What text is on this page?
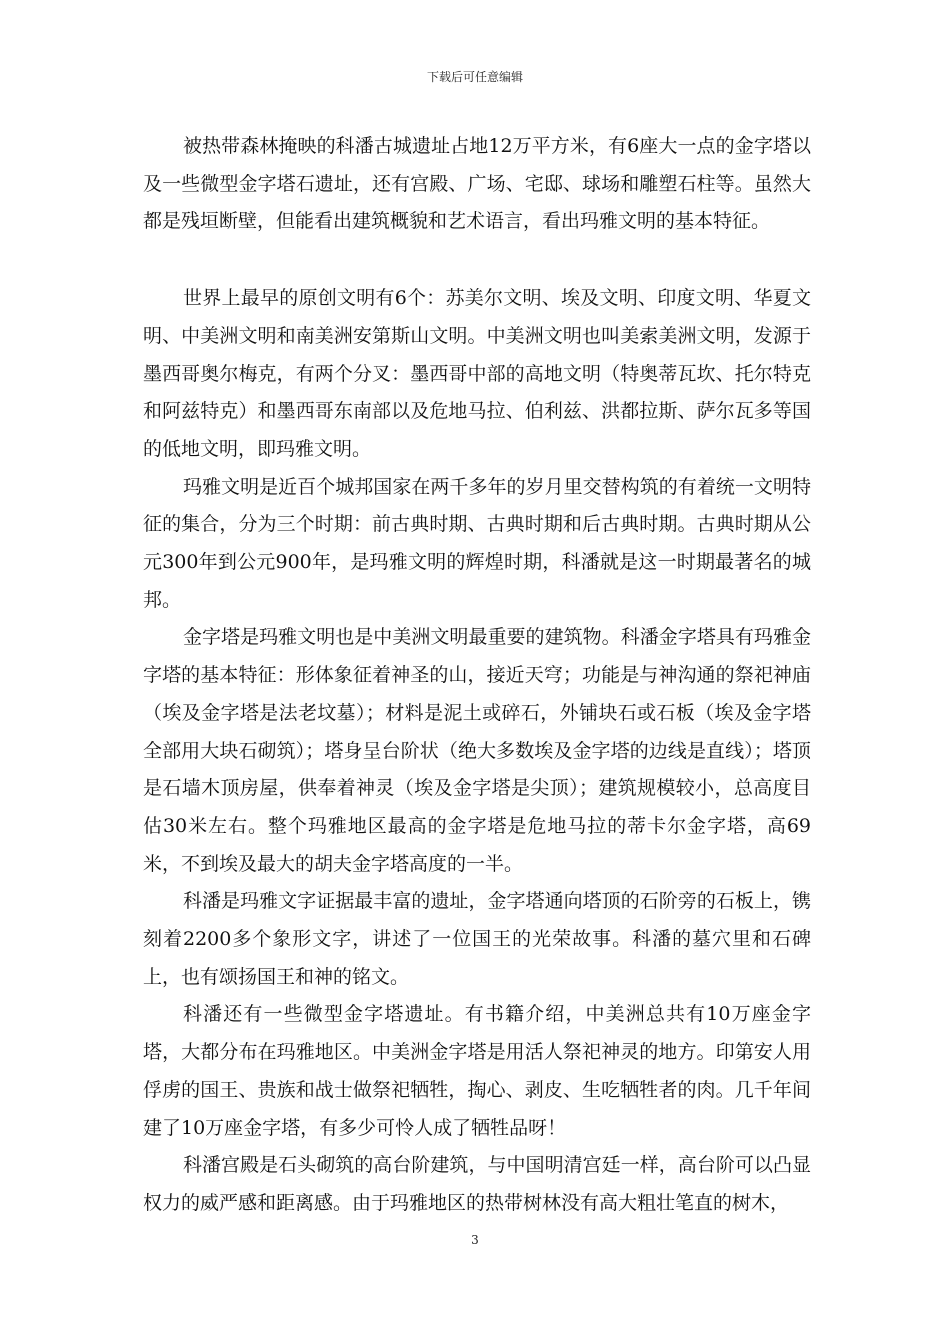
下载后可任意编辑

被热带森林掩映的科潘古城遗址占地12万平方米，有6座大一点的金字塔以及一些微型金字塔石遗址，还有宫殿、广场、宅邸、球场和雕塑石柱等。虽然大都是残垣断壁，但能看出建筑概貌和艺术语言，看出玛雅文明的基本特征。

世界上最早的原创文明有6个：苏美尔文明、埃及文明、印度文明、华夏文明、中美洲文明和南美洲安第斯山文明。中美洲文明也叫美索美洲文明，发源于墨西哥奥尔梅克，有两个分叉：墨西哥中部的高地文明（特奥蒂瓦坎、托尔特克和阿兹特克）和墨西哥东南部以及危地马拉、伯利兹、洪都拉斯、萨尔瓦多等国的低地文明，即玛雅文明。

玛雅文明是近百个城邦国家在两千多年的岁月里交替构筑的有着统一文明特征的集合，分为三个时期：前古典时期、古典时期和后古典时期。古典时期从公元300年到公元900年，是玛雅文明的辉煌时期，科潘就是这一时期最著名的城邦。

金字塔是玛雅文明也是中美洲文明最重要的建筑物。科潘金字塔具有玛雅金字塔的基本特征：形体象征着神圣的山，接近天穹；功能是与神沟通的祭祀神庙（埃及金字塔是法老坟墓）；材料是泥土或碎石，外铺块石或石板（埃及金字塔全部用大块石砌筑）；塔身呈台阶状（绝大多数埃及金字塔的边线是直线）；塔顶是石墙木顶房屋，供奉着神灵（埃及金字塔是尖顶）；建筑规模较小，总高度目估30米左右。整个玛雅地区最高的金字塔是危地马拉的蒂卡尔金字塔，高69米，不到埃及最大的胡夫金字塔高度的一半。

科潘是玛雅文字证据最丰富的遗址，金字塔通向塔顶的石阶旁的石板上，镌刻着2200多个象形文字，讲述了一位国王的光荣故事。科潘的墓穴里和石碑上，也有颂扬国王和神的铭文。

科潘还有一些微型金字塔遗址。有书籍介绍，中美洲总共有10万座金字塔，大都分布在玛雅地区。中美洲金字塔是用活人祭祀神灵的地方。印第安人用俘虏的国王、贵族和战士做祭祀牺牲，掏心、剥皮、生吃牺牲者的肉。几千年间建了10万座金字塔，有多少可怜人成了牺牲品呀！

科潘宫殿是石头砌筑的高台阶建筑，与中国明清宫廷一样，高台阶可以凸显权力的威严感和距离感。由于玛雅地区的热带树林没有高大粗壮笔直的树木，

3
